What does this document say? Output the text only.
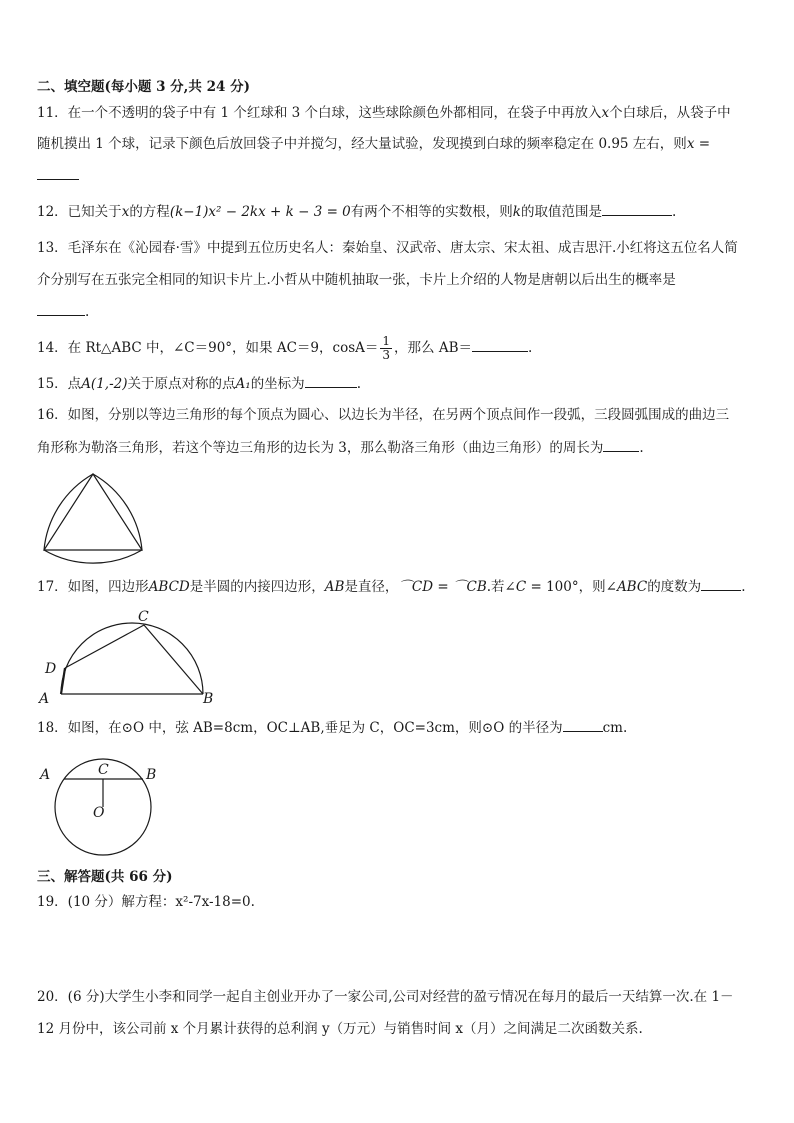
二、填空题(每小题 3 分,共 24 分)
11．在一个不透明的袋子中有 1 个红球和 3 个白球，这些球除颜色外都相同，在袋子中再放入x个白球后，从袋子中
随机摸出 1 个球，记录下颜色后放回袋子中并搅匀，经大量试验，发现摸到白球的频率稳定在 0.95 左右，则x =
12．已知关于x的方程(k−1)x² − 2kx + k − 3 = 0有两个不相等的实数根，则k的取值范围是	.
13．毛泽东在《沁园春·雪》中提到五位历史名人：秦始皇、汉武帝、唐太宗、宋太祖、成吉思汗.小红将这五位名人简
介分别写在五张完全相同的知识卡片上.小哲从中随机抽取一张，卡片上介绍的人物是唐朝以后出生的概率是
.
14．在 Rt△ABC 中，∠C＝90°，如果 AC＝9，$\cos A= \frac{1}{3}$ ，那么 AB＝	.
15．点A(1,-2)关于原点对称的点A₁的坐标为	.
16．如图，分别以等边三角形的每个顶点为圆心、以边长为半径，在另两个顶点间作一段弧，三段圆弧围成的曲边三
角形称为勒洛三角形，若这个等边三角形的边长为 3，那么勒洛三角形（曲边三角形）的周长为	.
17．如图，四边形ABCD是半圆的内接四边形，AB是直径，⌒CD = ⌒CB.若∠C = 100°，则∠ABC的度数为	.
C
D
A	B
18．如图，在⊙O 中，弦 AB=8cm，OC⊥AB,垂足为 C，OC=3cm，则⊙O 的半径为	cm.
A	C	B
O
三、解答题(共 66 分)
19．(10 分）解方程：x²-7x-18=0.
20．(6 分)大学生小李和同学一起自主创业开办了一家公司,公司对经营的盈亏情况在每月的最后一天结算一次.在 1－
12 月份中，该公司前 x 个月累计获得的总利润 y（万元）与销售时间 x（月）之间满足二次函数关系.
